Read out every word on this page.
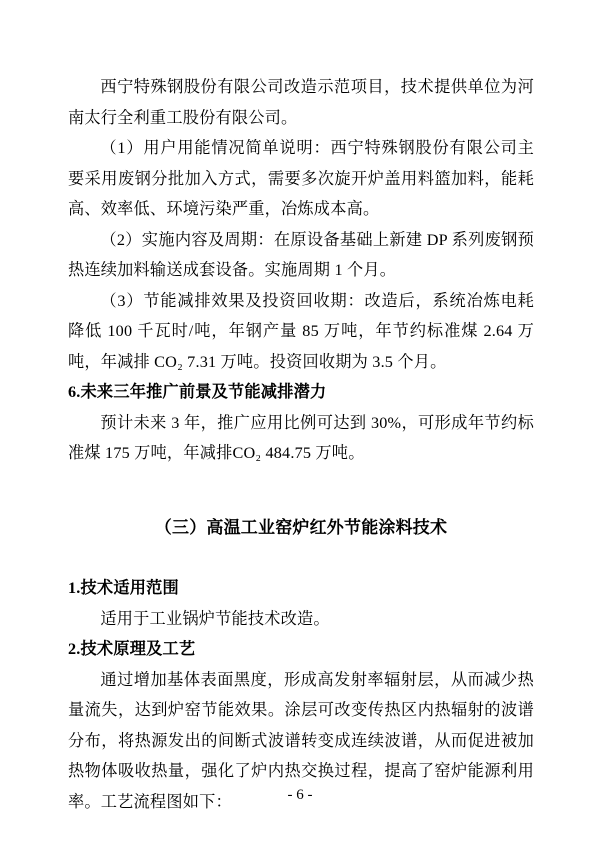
西宁特殊钢股份有限公司改造示范项目，技术提供单位为河南太行全利重工股份有限公司。

（1）用户用能情况简单说明：西宁特殊钢股份有限公司主要采用废钢分批加入方式，需要多次旋开炉盖用料篮加料，能耗高、效率低、环境污染严重，冶炼成本高。

（2）实施内容及周期：在原设备基础上新建 DP 系列废钢预热连续加料输送成套设备。实施周期 1 个月。

（3）节能减排效果及投资回收期：改造后，系统冶炼电耗降低 100 千瓦时/吨，年钢产量 85 万吨，年节约标准煤 2.64 万吨，年减排 CO₂ 7.31 万吨。投资回收期为 3.5 个月。

6.未来三年推广前景及节能减排潜力

预计未来 3 年，推广应用比例可达到 30%，可形成年节约标准煤 175 万吨，年减排CO₂ 484.75 万吨。

（三）高温工业窑炉红外节能涂料技术

1.技术适用范围

适用于工业锅炉节能技术改造。

2.技术原理及工艺

通过增加基体表面黑度，形成高发射率辐射层，从而减少热量流失，达到炉窑节能效果。涂层可改变传热区内热辐射的波谱分布，将热源发出的间断式波谱转变成连续波谱，从而促进被加热物体吸收热量，强化了炉内热交换过程，提高了窑炉能源利用率。工艺流程图如下：	- 6 -
